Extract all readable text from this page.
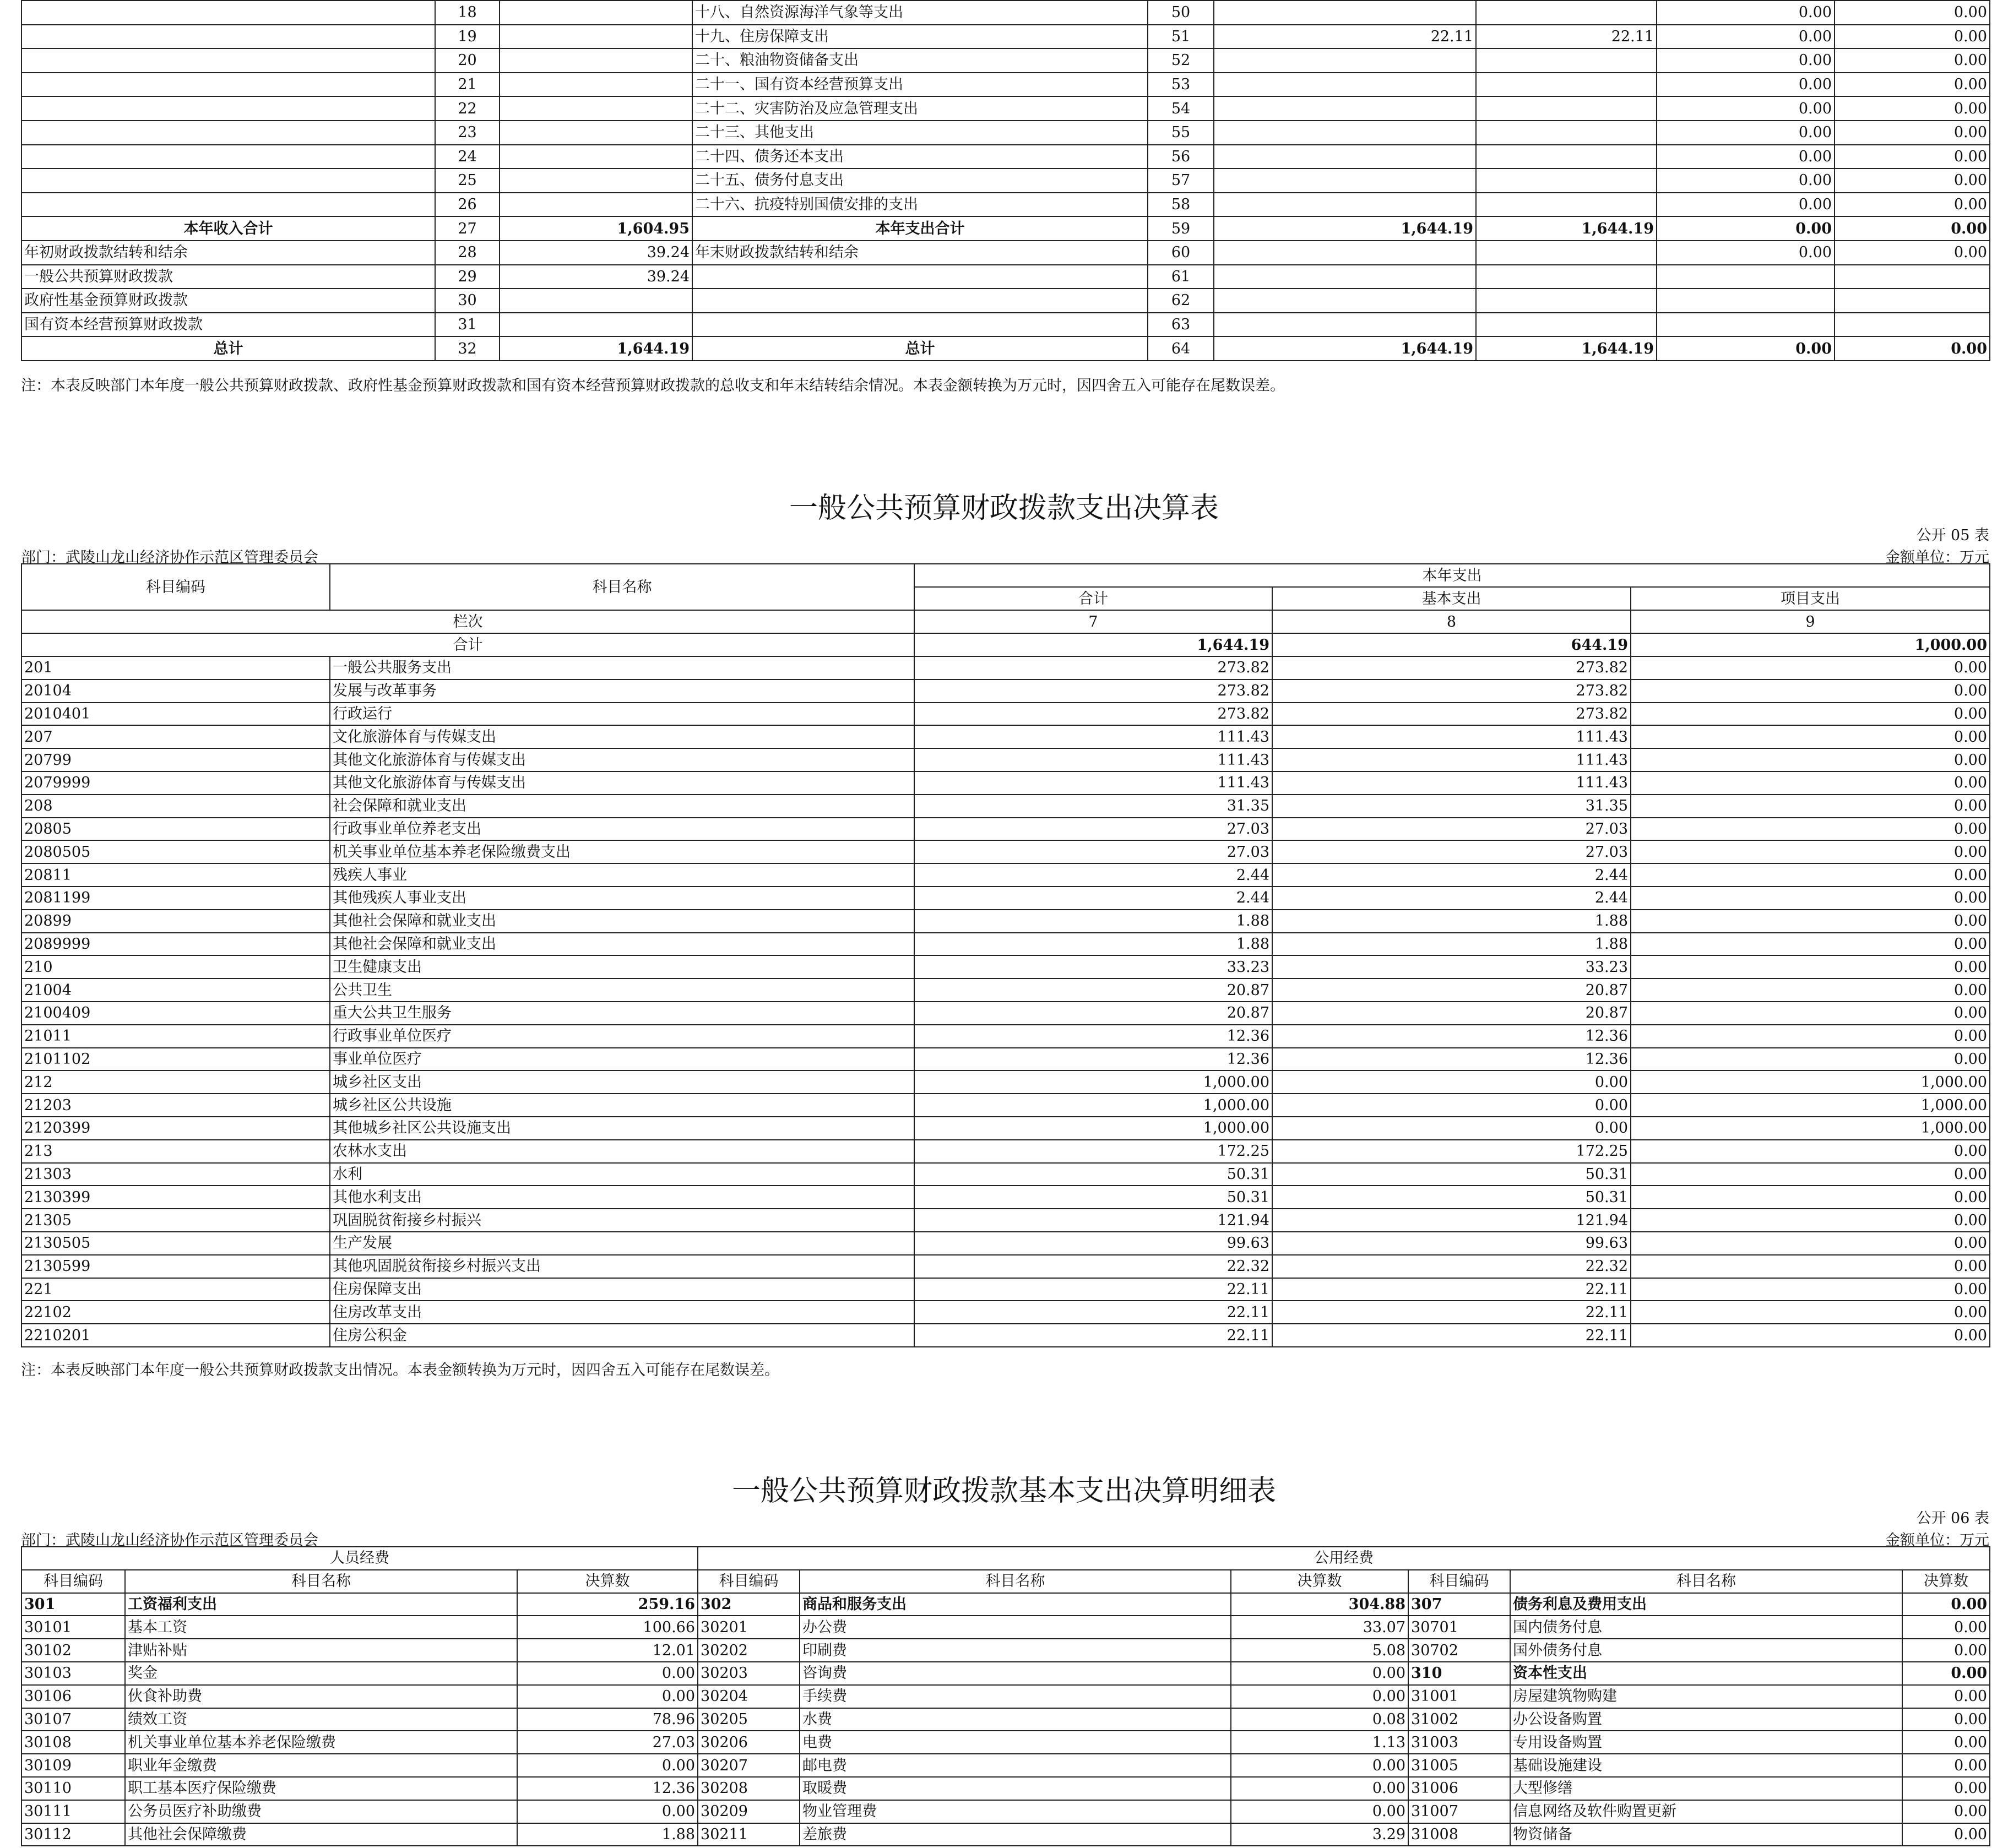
	18		十八、自然资源海洋气象等支出	50			0.00	0.00
	19		十九、住房保障支出	51	22.11	22.11	0.00	0.00
	20		二十、粮油物资储备支出	52			0.00	0.00
	21		二十一、国有资本经营预算支出	53			0.00	0.00
	22		二十二、灾害防治及应急管理支出	54			0.00	0.00
	23		二十三、其他支出	55			0.00	0.00
	24		二十四、债务还本支出	56			0.00	0.00
	25		二十五、债务付息支出	57			0.00	0.00
	26		二十六、抗疫特别国债安排的支出	58			0.00	0.00
本年收入合计	27	1,604.95	本年支出合计	59	1,644.19	1,644.19	0.00	0.00
年初财政拨款结转和结余	28	39.24	年末财政拨款结转和结余	60			0.00	0.00
一般公共预算财政拨款	29	39.24		61				
政府性基金预算财政拨款	30			62				
国有资本经营预算财政拨款	31			63				
总计	32	1,644.19	总计	64	1,644.19	1,644.19	0.00	0.00
注：本表反映部门本年度一般公共预算财政拨款、政府性基金预算财政拨款和国有资本经营预算财政拨款的总收支和年末结转结余情况。本表金额转换为万元时，因四舍五入可能存在尾数误差。
一般公共预算财政拨款支出决算表
公开 05 表
部门：武陵山龙山经济协作示范区管理委员会	金额单位：万元
科目编码	科目名称	本年支出		
		合计	基本支出	项目支出
栏次		7	8	9
合计		1,644.19	644.19	1,000.00
201	一般公共服务支出	273.82	273.82	0.00
20104	发展与改革事务	273.82	273.82	0.00
2010401	行政运行	273.82	273.82	0.00
207	文化旅游体育与传媒支出	111.43	111.43	0.00
20799	其他文化旅游体育与传媒支出	111.43	111.43	0.00
2079999	其他文化旅游体育与传媒支出	111.43	111.43	0.00
208	社会保障和就业支出	31.35	31.35	0.00
20805	行政事业单位养老支出	27.03	27.03	0.00
2080505	机关事业单位基本养老保险缴费支出	27.03	27.03	0.00
20811	残疾人事业	2.44	2.44	0.00
2081199	其他残疾人事业支出	2.44	2.44	0.00
20899	其他社会保障和就业支出	1.88	1.88	0.00
2089999	其他社会保障和就业支出	1.88	1.88	0.00
210	卫生健康支出	33.23	33.23	0.00
21004	公共卫生	20.87	20.87	0.00
2100409	重大公共卫生服务	20.87	20.87	0.00
21011	行政事业单位医疗	12.36	12.36	0.00
2101102	事业单位医疗	12.36	12.36	0.00
212	城乡社区支出	1,000.00	0.00	1,000.00
21203	城乡社区公共设施	1,000.00	0.00	1,000.00
2120399	其他城乡社区公共设施支出	1,000.00	0.00	1,000.00
213	农林水支出	172.25	172.25	0.00
21303	水利	50.31	50.31	0.00
2130399	其他水利支出	50.31	50.31	0.00
21305	巩固脱贫衔接乡村振兴	121.94	121.94	0.00
2130505	生产发展	99.63	99.63	0.00
2130599	其他巩固脱贫衔接乡村振兴支出	22.32	22.32	0.00
221	住房保障支出	22.11	22.11	0.00
22102	住房改革支出	22.11	22.11	0.00
2210201	住房公积金	22.11	22.11	0.00
注：本表反映部门本年度一般公共预算财政拨款支出情况。本表金额转换为万元时，因四舍五入可能存在尾数误差。
一般公共预算财政拨款基本支出决算明细表
公开 06 表
部门：武陵山龙山经济协作示范区管理委员会	金额单位：万元
人员经费			公用经费					
科目编码	科目名称	决算数	科目编码	科目名称	决算数	科目编码	科目名称	决算数
301	工资福利支出	259.16	302	商品和服务支出	304.88	307	债务利息及费用支出	0.00
30101	基本工资	100.66	30201	办公费	33.07	30701	国内债务付息	0.00
30102	津贴补贴	12.01	30202	印刷费	5.08	30702	国外债务付息	0.00
30103	奖金	0.00	30203	咨询费	0.00	310	资本性支出	0.00
30106	伙食补助费	0.00	30204	手续费	0.00	31001	房屋建筑物购建	0.00
30107	绩效工资	78.96	30205	水费	0.08	31002	办公设备购置	0.00
30108	机关事业单位基本养老保险缴费	27.03	30206	电费	1.13	31003	专用设备购置	0.00
30109	职业年金缴费	0.00	30207	邮电费	0.00	31005	基础设施建设	0.00
30110	职工基本医疗保险缴费	12.36	30208	取暖费	0.00	31006	大型修缮	0.00
30111	公务员医疗补助缴费	0.00	30209	物业管理费	0.00	31007	信息网络及软件购置更新	0.00
30112	其他社会保障缴费	1.88	30211	差旅费	3.29	31008	物资储备	0.00
